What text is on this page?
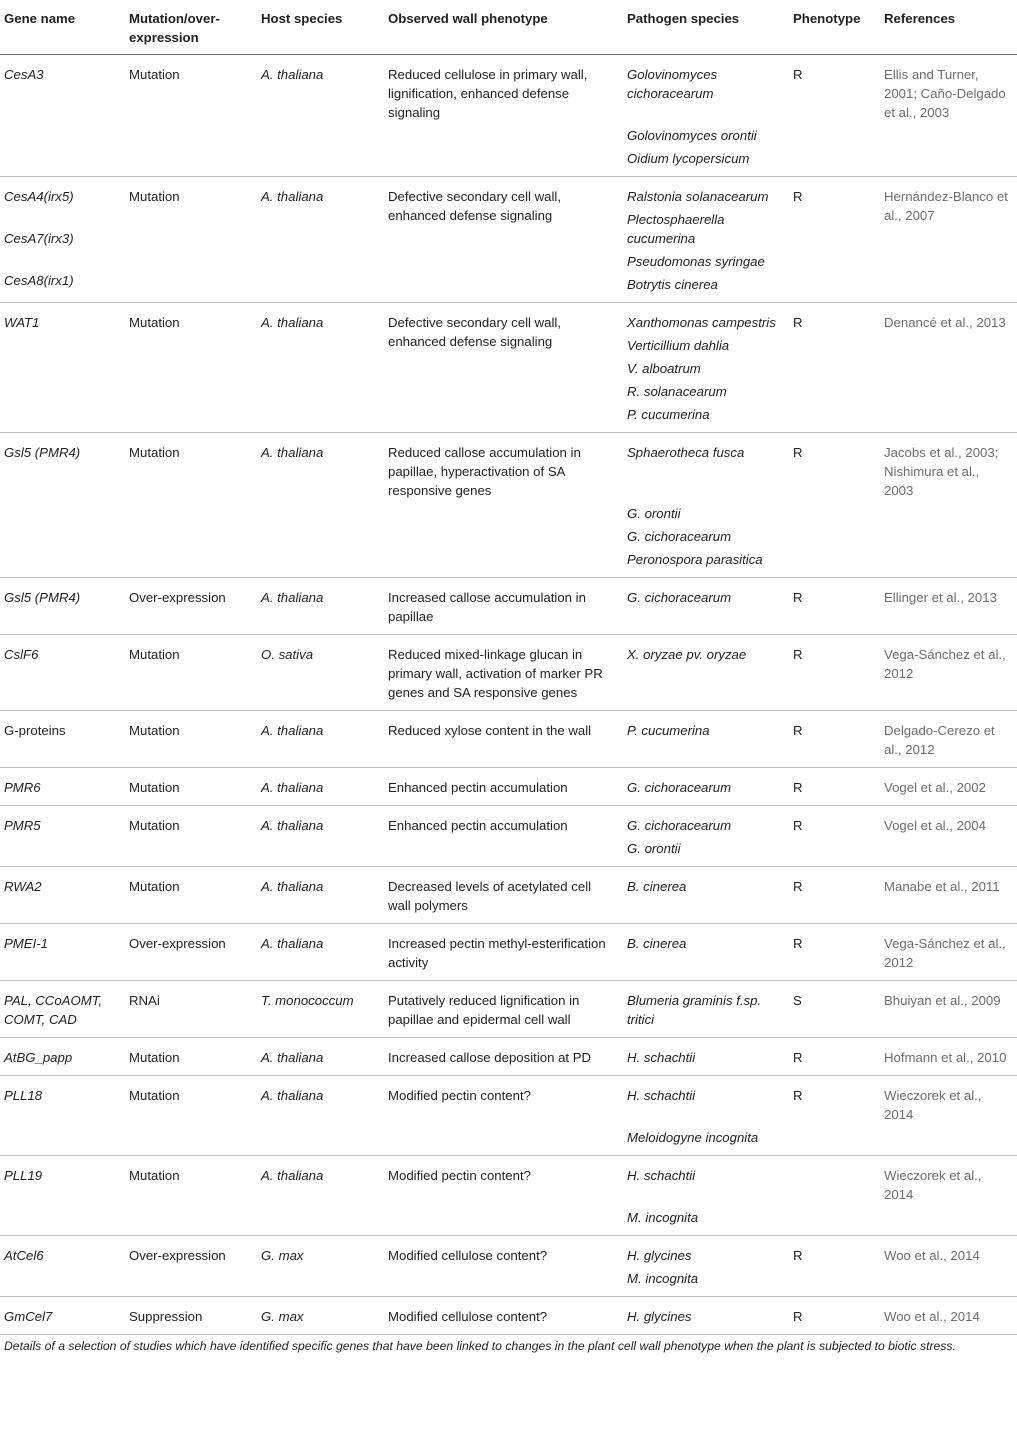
Gene name	Mutation/over-expression	Host species	Observed wall phenotype	Pathogen species	Phenotype	References

CesA3	Mutation	A. thaliana	Reduced cellulose in primary wall, lignification, enhanced defense signaling	Golovinomyces cichoracearum
Golovinomyces orontii
Oidium lycopersicum	R	Ellis and Turner, 2001; Caño-Delgado et al., 2003

CesA4(irx5)
CesA7(irx3)
CesA8(irx1)	Mutation	A. thaliana	Defective secondary cell wall, enhanced defense signaling	Ralstonia solanacearum
Plectosphaerella cucumerina
Pseudomonas syringae
Botrytis cinerea	R	Hernández-Blanco et al., 2007

WAT1	Mutation	A. thaliana	Defective secondary cell wall, enhanced defense signaling	Xanthomonas campestris
Verticillium dahlia
V. alboatrum
R. solanacearum
P. cucumerina	R	Denancé et al., 2013

Gsl5 (PMR4)	Mutation	A. thaliana	Reduced callose accumulation in papillae, hyperactivation of SA responsive genes	Sphaerotheca fusca
G. orontii
G. cichoracearum
Peronospora parasitica	R	Jacobs et al., 2003; Nishimura et al., 2003

Gsl5 (PMR4)	Over-expression	A. thaliana	Increased callose accumulation in papillae	G. cichoracearum	R	Ellinger et al., 2013

CslF6	Mutation	O. sativa	Reduced mixed-linkage glucan in primary wall, activation of marker PR genes and SA responsive genes	X. oryzae pv. oryzae	R	Vega-Sánchez et al., 2012

G-proteins	Mutation	A. thaliana	Reduced xylose content in the wall	P. cucumerina	R	Delgado-Cerezo et al., 2012

PMR6	Mutation	A. thaliana	Enhanced pectin accumulation	G. cichoracearum	R	Vogel et al., 2002

PMR5	Mutation	A. thaliana	Enhanced pectin accumulation	G. cichoracearum
G. orontii	R	Vogel et al., 2004

RWA2	Mutation	A. thaliana	Decreased levels of acetylated cell wall polymers	B. cinerea	R	Manabe et al., 2011

PMEI-1	Over-expression	A. thaliana	Increased pectin methyl-esterification activity	B. cinerea	R	Vega-Sánchez et al., 2012

PAL, CCoAOMT, COMT, CAD	RNAi	T. monococcum	Putatively reduced lignification in papillae and epidermal cell wall	Blumeria graminis f.sp. tritici	S	Bhuiyan et al., 2009

AtBG_papp	Mutation	A. thaliana	Increased callose deposition at PD	H. schachtii	R	Hofmann et al., 2010

PLL18	Mutation	A. thaliana	Modified pectin content?	H. schachtii
Meloidogyne incognita	R	Wieczorek et al., 2014

PLL19	Mutation	A. thaliana	Modified pectin content?	H. schachtii
M. incognita		Wieczorek et al., 2014

AtCel6	Over-expression	G. max	Modified cellulose content?	H. glycines
M. incognita	R	Woo et al., 2014

GmCel7	Suppression	G. max	Modified cellulose content?	H. glycines	R	Woo et al., 2014
Details of a selection of studies which have identified specific genes that have been linked to changes in the plant cell wall phenotype when the plant is subjected to biotic stress.
